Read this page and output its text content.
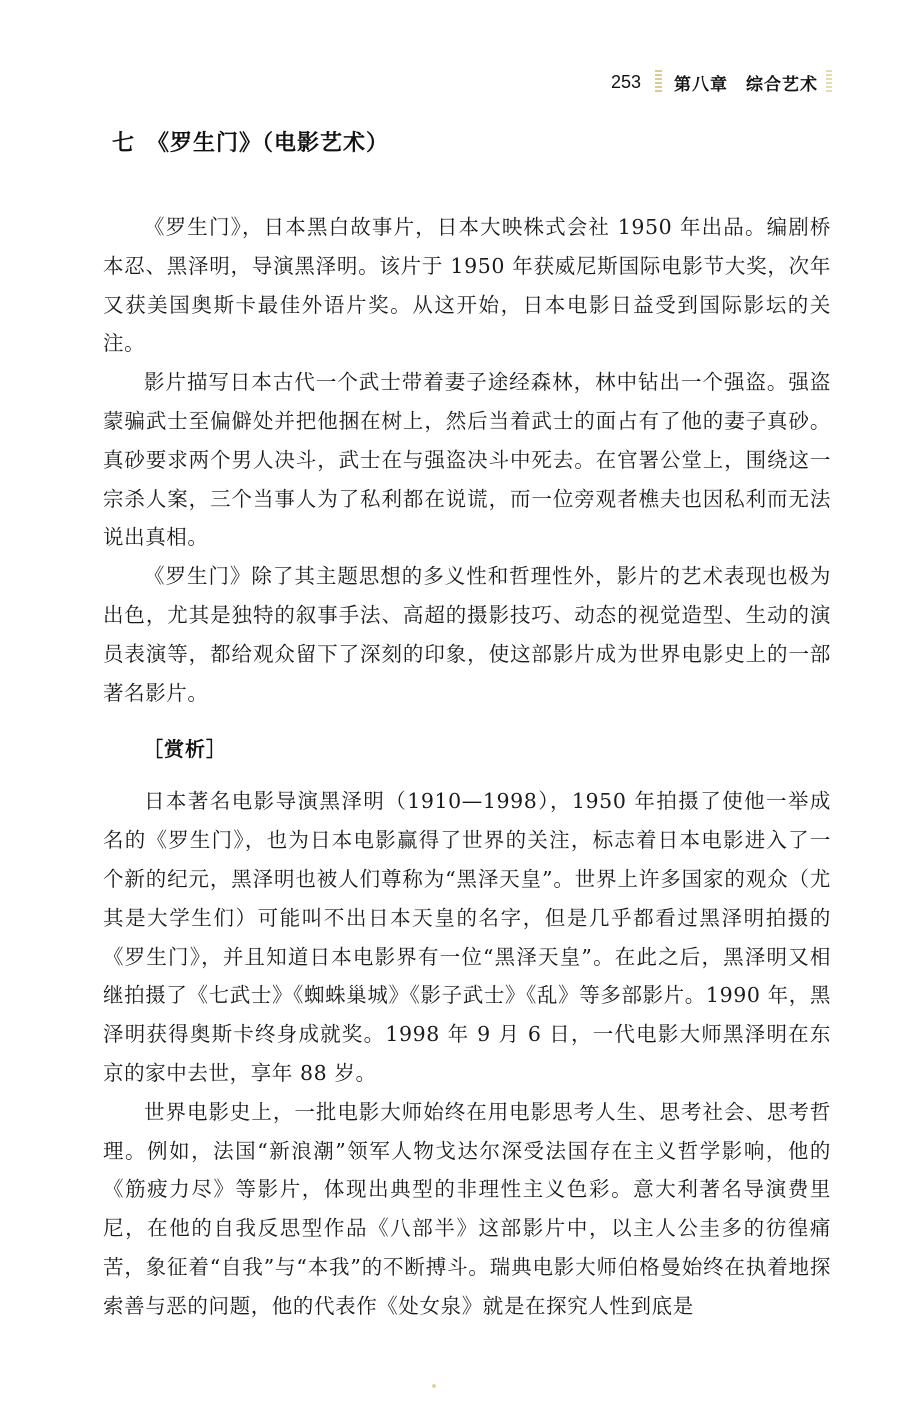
253 第八章　综合艺术
七　《罗生门》（电影艺术）

《罗生门》，日本黑白故事片，日本大映株式会社 1950 年出品。编剧桥本忍、黑泽明，导演黑泽明。该片于 1950 年获威尼斯国际电影节大奖，次年又获美国奥斯卡最佳外语片奖。从这开始，日本电影日益受到国际影坛的关注。

影片描写日本古代一个武士带着妻子途经森林，林中钻出一个强盗。强盗蒙骗武士至偏僻处并把他捆在树上，然后当着武士的面占有了他的妻子真砂。真砂要求两个男人决斗，武士在与强盗决斗中死去。在官署公堂上，围绕这一宗杀人案，三个当事人为了私利都在说谎，而一位旁观者樵夫也因私利而无法说出真相。

《罗生门》除了其主题思想的多义性和哲理性外，影片的艺术表现也极为出色，尤其是独特的叙事手法、高超的摄影技巧、动态的视觉造型、生动的演员表演等，都给观众留下了深刻的印象，使这部影片成为世界电影史上的一部著名影片。

［赏析］

日本著名电影导演黑泽明（1910—1998），1950 年拍摄了使他一举成名的《罗生门》，也为日本电影赢得了世界的关注，标志着日本电影进入了一个新的纪元，黑泽明也被人们尊称为“黑泽天皇”。世界上许多国家的观众（尤其是大学生们）可能叫不出日本天皇的名字，但是几乎都看过黑泽明拍摄的《罗生门》，并且知道日本电影界有一位“黑泽天皇”。在此之后，黑泽明又相继拍摄了《七武士》《蜘蛛巢城》《影子武士》《乱》等多部影片。1990 年，黑泽明获得奥斯卡终身成就奖。1998 年 9 月 6 日，一代电影大师黑泽明在东京的家中去世，享年 88 岁。

世界电影史上，一批电影大师始终在用电影思考人生、思考社会、思考哲理。例如，法国“新浪潮”领军人物戈达尔深受法国存在主义哲学影响，他的《筋疲力尽》等影片，体现出典型的非理性主义色彩。意大利著名导演费里尼，在他的自我反思型作品《八部半》这部影片中，以主人公圭多的彷徨痛苦，象征着“自我”与“本我”的不断搏斗。瑞典电影大师伯格曼始终在执着地探索善与恶的问题，他的代表作《处女泉》就是在探究人性到底是
